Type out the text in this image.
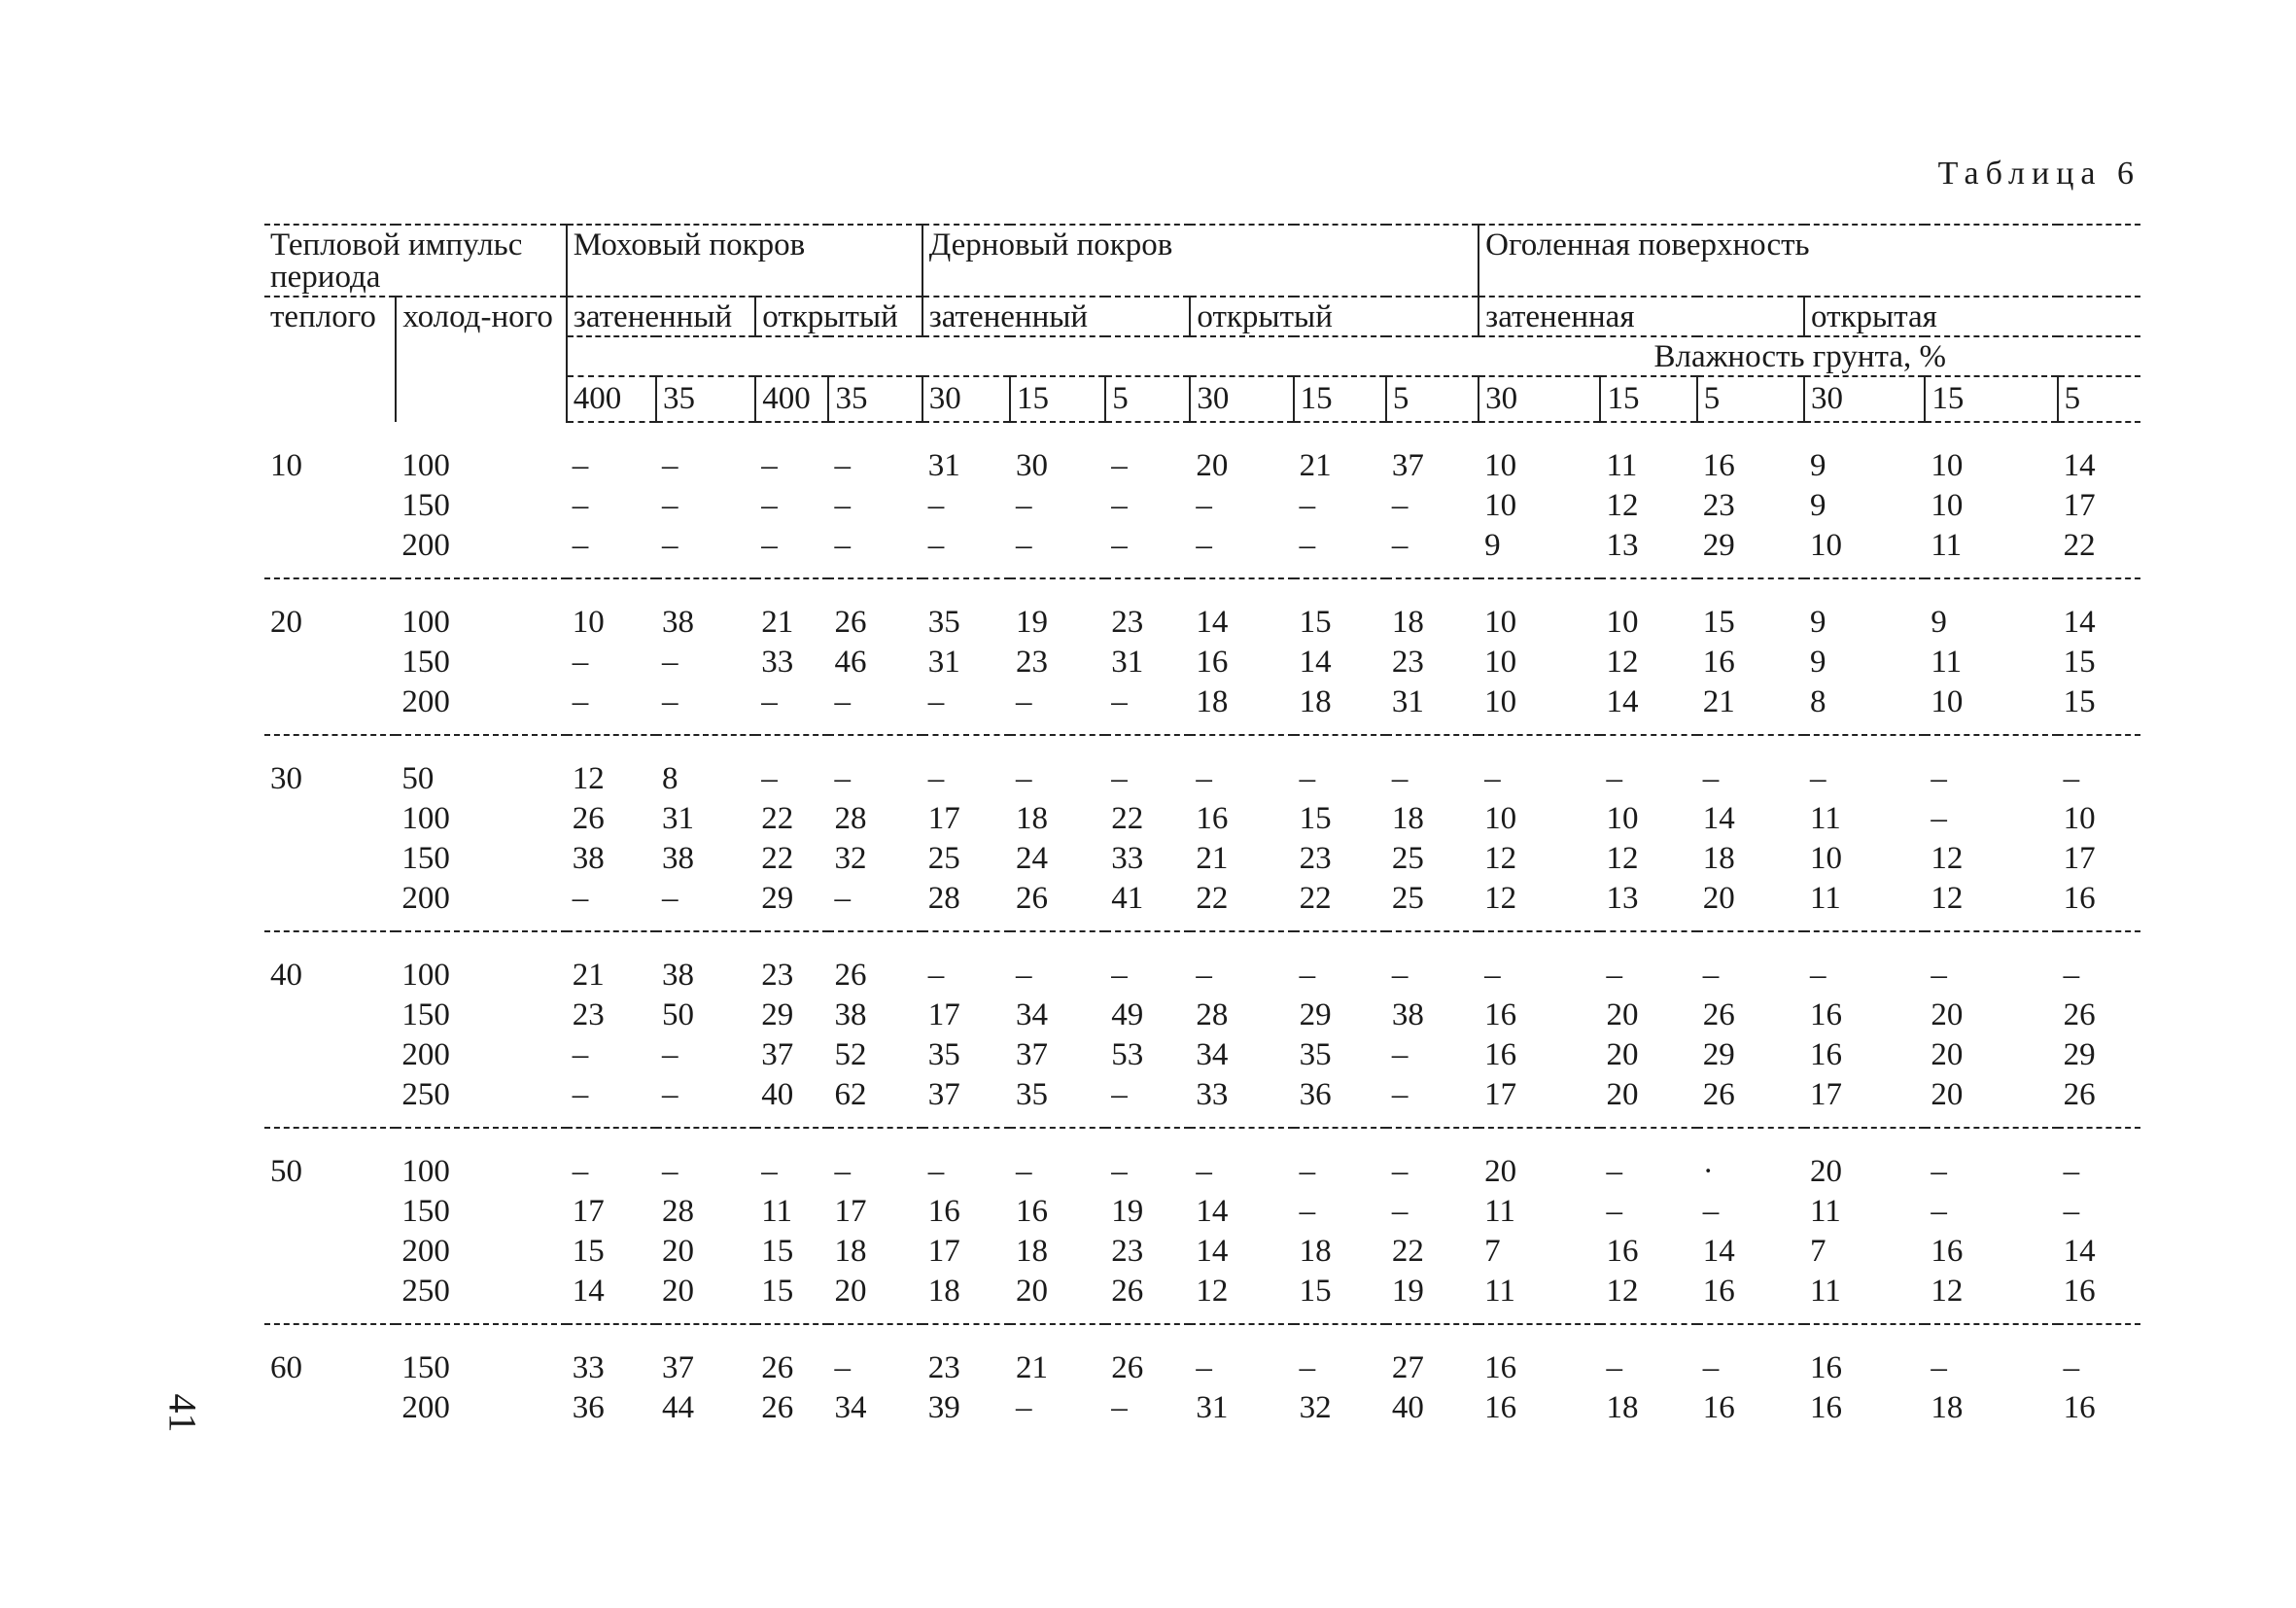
Таблица 6
41
Тепловой импульс периода		Моховый покров				Дерновый покров						Оголенная поверхность					
теплого	холод-ного	затененный		открытый		затененный			открытый			затененная			открытая		
		Влажность грунта, %															
		400	35	400	35	30	15	5	30	15	5	30	15	5	30	15	5
10	100	–	–	–	–	31	30	–	20	21	37	10	11	16	9	10	14
	150	–	–	–	–	–	–	–	–	–	–	10	12	23	9	10	17
	200	–	–	–	–	–	–	–	–	–	–	9	13	29	10	11	22
20	100	10	38	21	26	35	19	23	14	15	18	10	10	15	9	9	14
	150	–	–	33	46	31	23	31	16	14	23	10	12	16	9	11	15
	200	–	–	–	–	–	–	–	18	18	31	10	14	21	8	10	15
30	50	12	8	–	–	–	–	–	–	–	–	–	–	–	–	–	–
	100	26	31	22	28	17	18	22	16	15	18	10	10	14	11	–	10
	150	38	38	22	32	25	24	33	21	23	25	12	12	18	10	12	17
	200	–	–	29	–	28	26	41	22	22	25	12	13	20	11	12	16
40	100	21	38	23	26	–	–	–	–	–	–	–	–	–	–	–	–
	150	23	50	29	38	17	34	49	28	29	38	16	20	26	16	20	26
	200	–	–	37	52	35	37	53	34	35	–	16	20	29	16	20	29
	250	–	–	40	62	37	35	–	33	36	–	17	20	26	17	20	26
50	100	–	–	–	–	–	–	–	–	–	–	20	–	·	20	–	–
	150	17	28	11	17	16	16	19	14	–	–	11	–	–	11	–	–
	200	15	20	15	18	17	18	23	14	18	22	7	16	14	7	16	14
	250	14	20	15	20	18	20	26	12	15	19	11	12	16	11	12	16
60	150	33	37	26	–	23	21	26	–	–	27	16	–	–	16	–	–
	200	36	44	26	34	39	–	–	31	32	40	16	18	16	16	18	16
